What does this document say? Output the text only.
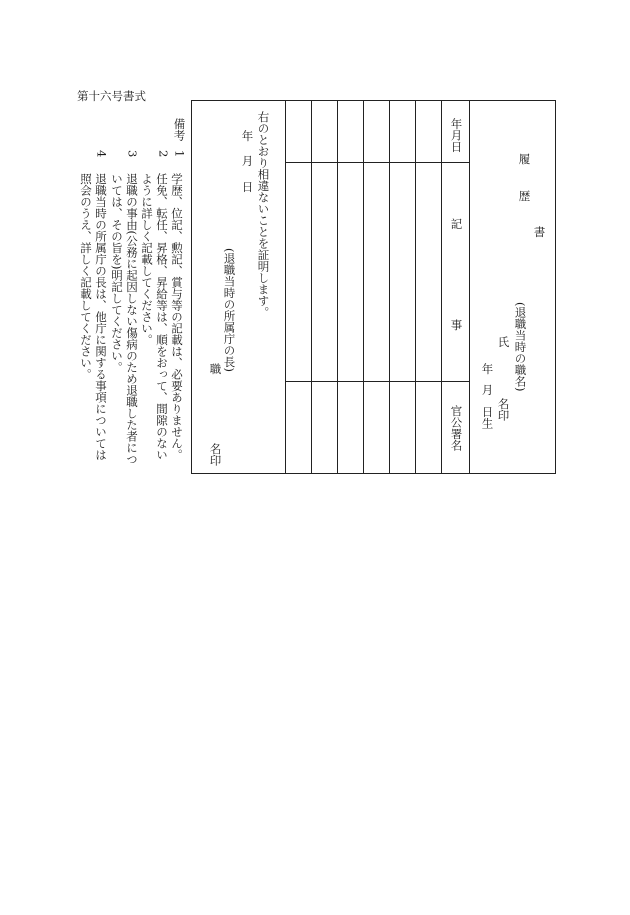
第十六号書式
年月日
記
事
官公署名
履
歴
書
(退職当時の職名)
氏
名印
年
月
日生
右のとおり相違ないことを証明します。
年
月
日
(退職当時の所属庁の長)
職
名印
備考
1
学歴、位記、勲記、賞与等の記載は、必要ありません。
2
任免、転任、昇格、昇給等は、順をおって、間隙のないように詳しく記載してください。
3
退職の事由(公務に起因しない傷病のため退職した者については、その旨を)明記してください。
4
退職当時の所属庁の長は、他庁に関する事項については照会のうえ、詳しく記載してください。
